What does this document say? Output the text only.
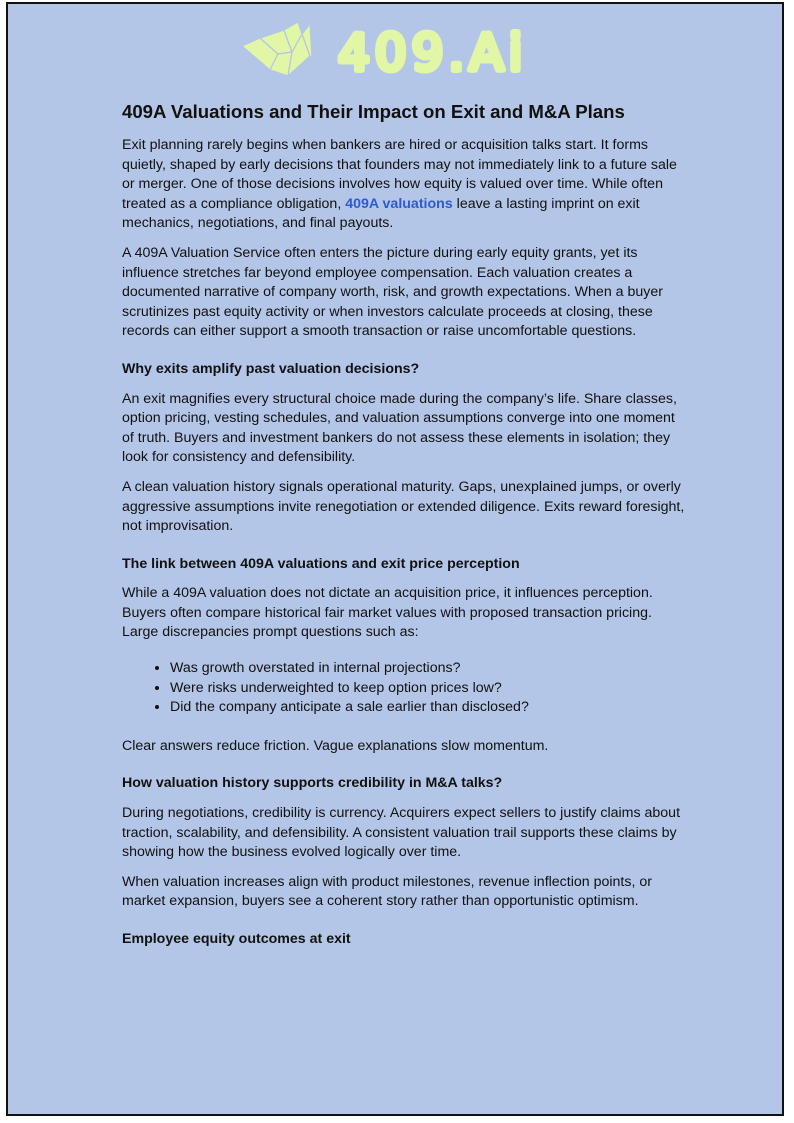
409.Ai
409A Valuations and Their Impact on Exit and M&A Plans

Exit planning rarely begins when bankers are hired or acquisition talks start. It forms quietly, shaped by early decisions that founders may not immediately link to a future sale or merger. One of those decisions involves how equity is valued over time. While often treated as a compliance obligation, 409A valuations leave a lasting imprint on exit mechanics, negotiations, and final payouts.

A 409A Valuation Service often enters the picture during early equity grants, yet its influence stretches far beyond employee compensation. Each valuation creates a documented narrative of company worth, risk, and growth expectations. When a buyer scrutinizes past equity activity or when investors calculate proceeds at closing, these records can either support a smooth transaction or raise uncomfortable questions.

Why exits amplify past valuation decisions?

An exit magnifies every structural choice made during the company’s life. Share classes, option pricing, vesting schedules, and valuation assumptions converge into one moment of truth. Buyers and investment bankers do not assess these elements in isolation; they look for consistency and defensibility.

A clean valuation history signals operational maturity. Gaps, unexplained jumps, or overly aggressive assumptions invite renegotiation or extended diligence. Exits reward foresight, not improvisation.

The link between 409A valuations and exit price perception

While a 409A valuation does not dictate an acquisition price, it influences perception. Buyers often compare historical fair market values with proposed transaction pricing. Large discrepancies prompt questions such as:

• Was growth overstated in internal projections?
• Were risks underweighted to keep option prices low?
• Did the company anticipate a sale earlier than disclosed?

Clear answers reduce friction. Vague explanations slow momentum.

How valuation history supports credibility in M&A talks?

During negotiations, credibility is currency. Acquirers expect sellers to justify claims about traction, scalability, and defensibility. A consistent valuation trail supports these claims by showing how the business evolved logically over time.

When valuation increases align with product milestones, revenue inflection points, or market expansion, buyers see a coherent story rather than opportunistic optimism.

Employee equity outcomes at exit
